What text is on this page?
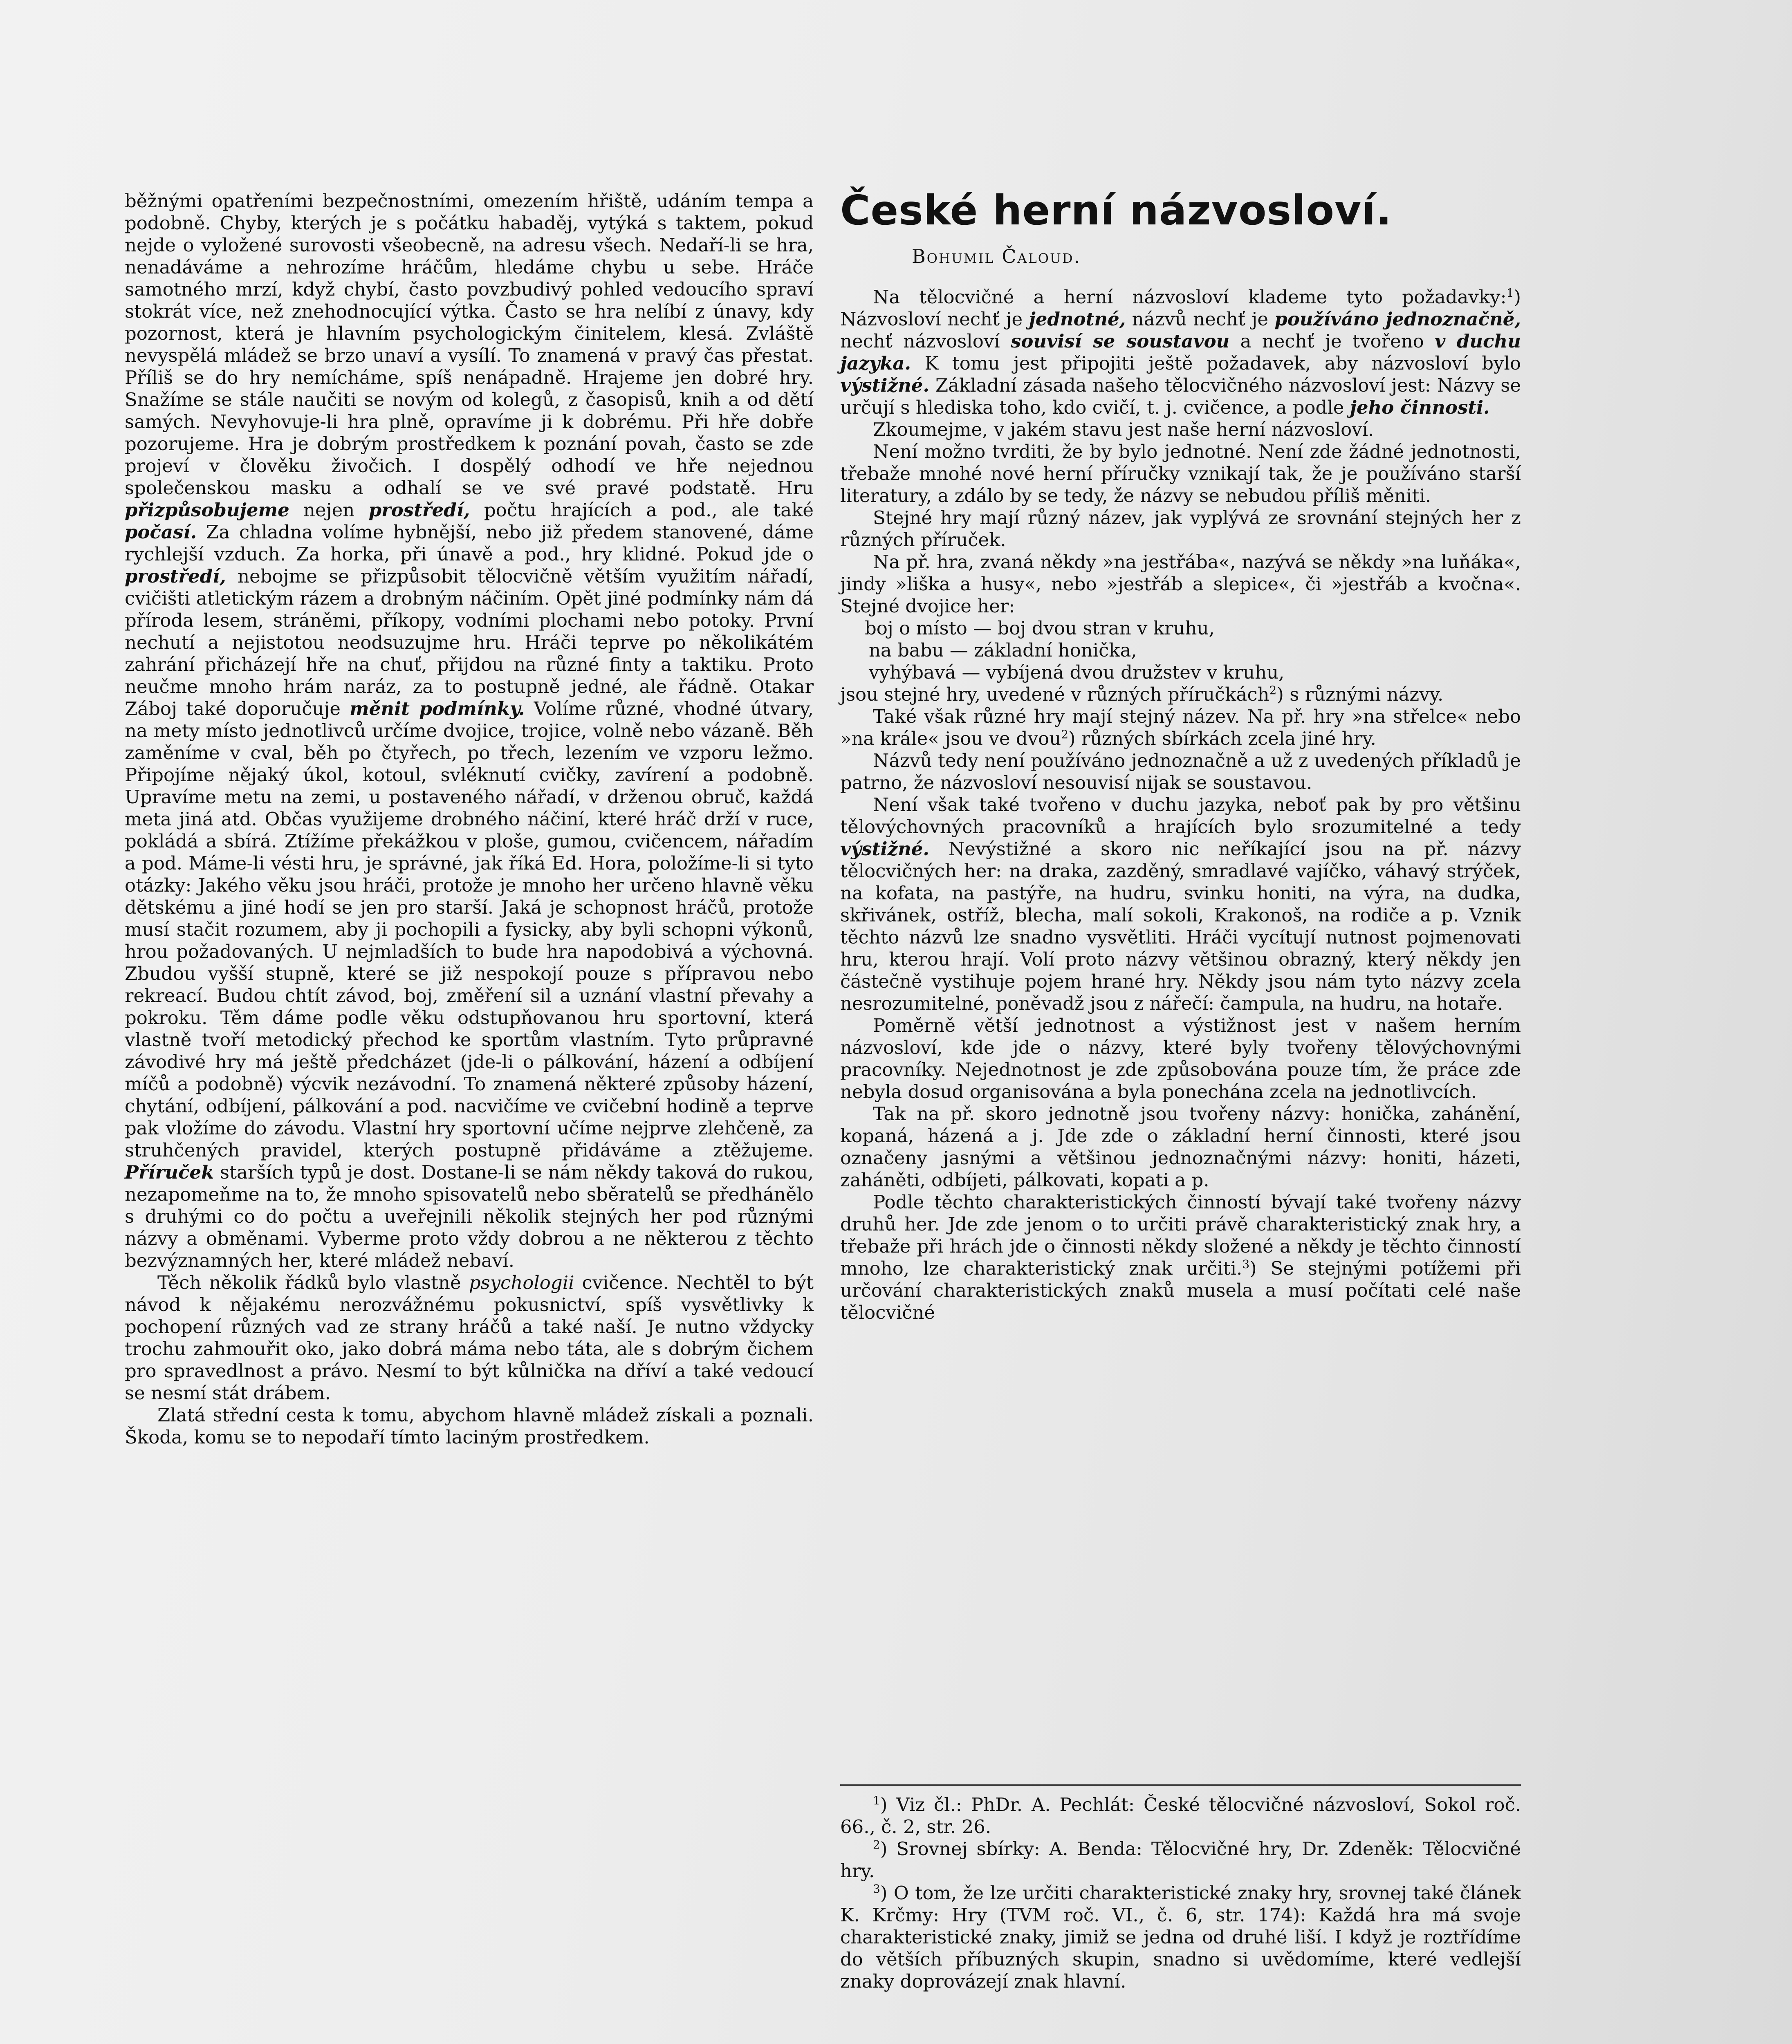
běžnými opatřeními bezpečnostními, omezením hřiště, udáním tempa a podobně. Chyby, kterých je s počátku habaděj, vytýká s taktem, pokud nejde o vyložené surovosti všeobecně, na adresu všech. Nedaří-li se hra, nenadáváme a nehrozíme hráčům, hledáme chybu u sebe. Hráče samotného mrzí, když chybí, často povzbudivý pohled vedoucího spraví stokrát více, než znehodnocující výtka. Často se hra nelíbí z únavy, kdy pozornost, která je hlavním psychologickým činitelem, klesá. Zvláště nevyspělá mládež se brzo unaví a vysílí. To znamená v pravý čas přestat. Příliš se do hry nemícháme, spíš nenápadně. Hrajeme jen dobré hry. Snažíme se stále naučiti se novým od kolegů, z časopisů, knih a od dětí samých. Nevyhovuje-li hra plně, opravíme ji k dobrému. Při hře dobře pozorujeme. Hra je dobrým prostředkem k poznání povah, často se zde projeví v člověku živočich. I dospělý odhodí ve hře nejednou společenskou masku a odhalí se ve své pravé podstatě. Hru přizpůsobujeme nejen prostředí, počtu hrajících a pod., ale také počasí. Za chladna volíme hybnější, nebo již předem stanovené, dáme rychlejší vzduch. Za horka, při únavě a pod., hry klidné. Pokud jde o prostředí, nebojme se přizpůsobit tělocvičně větším využitím nářadí, cvičišti atletickým rázem a drobným náčiním. Opět jiné podmínky nám dá příroda lesem, stráněmi, příkopy, vodními plochami nebo potoky. První nechutí a nejistotou neodsuzujme hru. Hráči teprve po několikátém zahrání přicházejí hře na chuť, přijdou na různé finty a taktiku. Proto neučme mnoho hrám naráz, za to postupně jedné, ale řádně. Otakar Záboj také doporučuje měnit podmínky. Volíme různé, vhodné útvary, na mety místo jednotlivců určíme dvojice, trojice, volně nebo vázaně. Běh zaměníme v cval, běh po čtyřech, po třech, lezením ve vzporu ležmo. Připojíme nějaký úkol, kotoul, svléknutí cvičky, zavírení a podobně. Upravíme metu na zemi, u postaveného nářadí, v drženou obruč, každá meta jiná atd. Občas využijeme drobného náčiní, které hráč drží v ruce, pokládá a sbírá. Ztížíme překážkou v ploše, gumou, cvičencem, nářadím a pod. Máme-li vésti hru, je správné, jak říká Ed. Hora, položíme-li si tyto otázky: Jakého věku jsou hráči, protože je mnoho her určeno hlavně věku dětskému a jiné hodí se jen pro starší. Jaká je schopnost hráčů, protože musí stačit rozumem, aby ji pochopili a fysicky, aby byli schopni výkonů, hrou požadovaných. U nejmladších to bude hra napodobivá a výchovná. Zbudou vyšší stupně, které se již nespokojí pouze s přípravou nebo rekreací. Budou chtít závod, boj, změření sil a uznání vlastní převahy a pokroku. Těm dáme podle věku odstupňovanou hru sportovní, která vlastně tvoří metodický přechod ke sportům vlastním. Tyto průpravné závodivé hry má ještě předcházet (jde-li o pálkování, házení a odbíjení míčů a podobně) výcvik nezávodní. To znamená některé způsoby házení, chytání, odbíjení, pálkování a pod. nacvičíme ve cvičební hodině a teprve pak vložíme do závodu. Vlastní hry sportovní učíme nejprve zlehčeně, za struhčených pravidel, kterých postupně přidáváme a ztěžujeme. Příruček starších typů je dost. Dostane-li se nám někdy taková do rukou, nezapomeňme na to, že mnoho spisovatelů nebo sběratelů se předhánělo s druhými co do počtu a uveřejnili několik stejných her pod různými názvy a obměnami. Vyberme proto vždy dobrou a ne některou z těchto bezvýznamných her, které mládež nebaví.

Těch několik řádků bylo vlastně psychologii cvičence. Nechtěl to být návod k nějakému nerozvážnému pokusnictví, spíš vysvětlivky k pochopení různých vad ze strany hráčů a také naší. Je nutno vždycky trochu zahmouřit oko, jako dobrá máma nebo táta, ale s dobrým čichem pro spravedlnost a právo. Nesmí to být kůlnička na dříví a také vedoucí se nesmí stát drábem.

Zlatá střední cesta k tomu, abychom hlavně mládež získali a poznali. Škoda, komu se to nepodaří tímto laciným prostředkem.

České herní názvosloví.

Bohumil Čaloud.

Na tělocvičné a herní názvosloví klademe tyto požadavky:$^1$) Názvosloví nechť je jednotné, názvů nechť je používáno jednoznačně, nechť názvosloví souvisí se soustavou a nechť je tvořeno v duchu jazyka. K tomu jest připojiti ještě požadavek, aby názvosloví bylo výstižné. Základní zásada našeho tělocvičného názvosloví jest: Názvy se určují s hlediska toho, kdo cvičí, t. j. cvičence, a podle jeho činnosti.

Zkoumejme, v jakém stavu jest naše herní názvosloví.

Není možno tvrditi, že by bylo jednotné. Není zde žádné jednotnosti, třebaže mnohé nové herní příručky vznikají tak, že je používáno starší literatury, a zdálo by se tedy, že názvy se nebudou příliš měniti.

Stejné hry mají různý název, jak vyplývá ze srovnání stejných her z různých příruček.

Na př. hra, zvaná někdy »na jestřába«, nazývá se někdy »na luňáka«, jindy »liška a husy«, nebo »jestřáb a slepice«, či »jestřáb a kvočna«. Stejné dvojice her:

boj o místo — boj dvou stran v kruhu,

na babu — základní honička,

vyhýbavá — vybíjená dvou družstev v kruhu,

jsou stejné hry, uvedené v různých příručkách$^2$) s různými názvy.

Také však různé hry mají stejný název. Na př. hry »na střelce« nebo »na krále« jsou ve dvou$^2$) různých sbírkách zcela jiné hry.

Názvů tedy není používáno jednoznačně a už z uvedených příkladů je patrno, že názvosloví nesouvisí nijak se soustavou.

Není však také tvořeno v duchu jazyka, neboť pak by pro většinu tělovýchovných pracovníků a hrajících bylo srozumitelné a tedy výstižné. Nevýstižné a skoro nic neříkající jsou na př. názvy tělocvičných her: na draka, zazděný, smradlavé vajíčko, váhavý strýček, na kofata, na pastýře, na hudru, svinku honiti, na výra, na dudka, skřivánek, ostříž, blecha, malí sokoli, Krakonoš, na rodiče a p. Vznik těchto názvů lze snadno vysvětliti. Hráči vycítují nutnost pojmenovati hru, kterou hrají. Volí proto názvy většinou obrazný, který někdy jen částečně vystihuje pojem hrané hry. Někdy jsou nám tyto názvy zcela nesrozumitelné, poněvadž jsou z nářečí: čampula, na hudru, na hotaře.

Poměrně větší jednotnost a výstižnost jest v našem herním názvosloví, kde jde o názvy, které byly tvořeny tělovýchovnými pracovníky. Nejednotnost je zde způsobována pouze tím, že práce zde nebyla dosud organisována a byla ponechána zcela na jednotlivcích.

Tak na př. skoro jednotně jsou tvořeny názvy: honička, zahánění, kopaná, házená a j. Jde zde o základní herní činnosti, které jsou označeny jasnými a většinou jednoznačnými názvy: honiti, házeti, zaháněti, odbíjeti, pálkovati, kopati a p.

Podle těchto charakteristických činností bývají také tvořeny názvy druhů her. Jde zde jenom o to určiti právě charakteristický znak hry, a třebaže při hrách jde o činnosti někdy složené a někdy je těchto činností mnoho, lze charakteristický znak určiti.$^3$) Se stejnými potížemi při určování charakteristických znaků musela a musí počítati celé naše tělocvičné

$^1$) Viz čl.: PhDr. A. Pechlát: České tělocvičné názvosloví, Sokol roč. 66., č. 2, str. 26.

$^2$) Srovnej sbírky: A. Benda: Tělocvičné hry, Dr. Zdeněk: Tělocvičné hry.

$^3$) O tom, že lze určiti charakteristické znaky hry, srovnej také článek K. Krčmy: Hry (TVM roč. VI., č. 6, str. 174): Každá hra má svoje charakteristické znaky, jimiž se jedna od druhé liší. I když je roztřídíme do větších příbuzných skupin, snadno si uvědomíme, které vedlejší znaky doprovázejí znak hlavní.
